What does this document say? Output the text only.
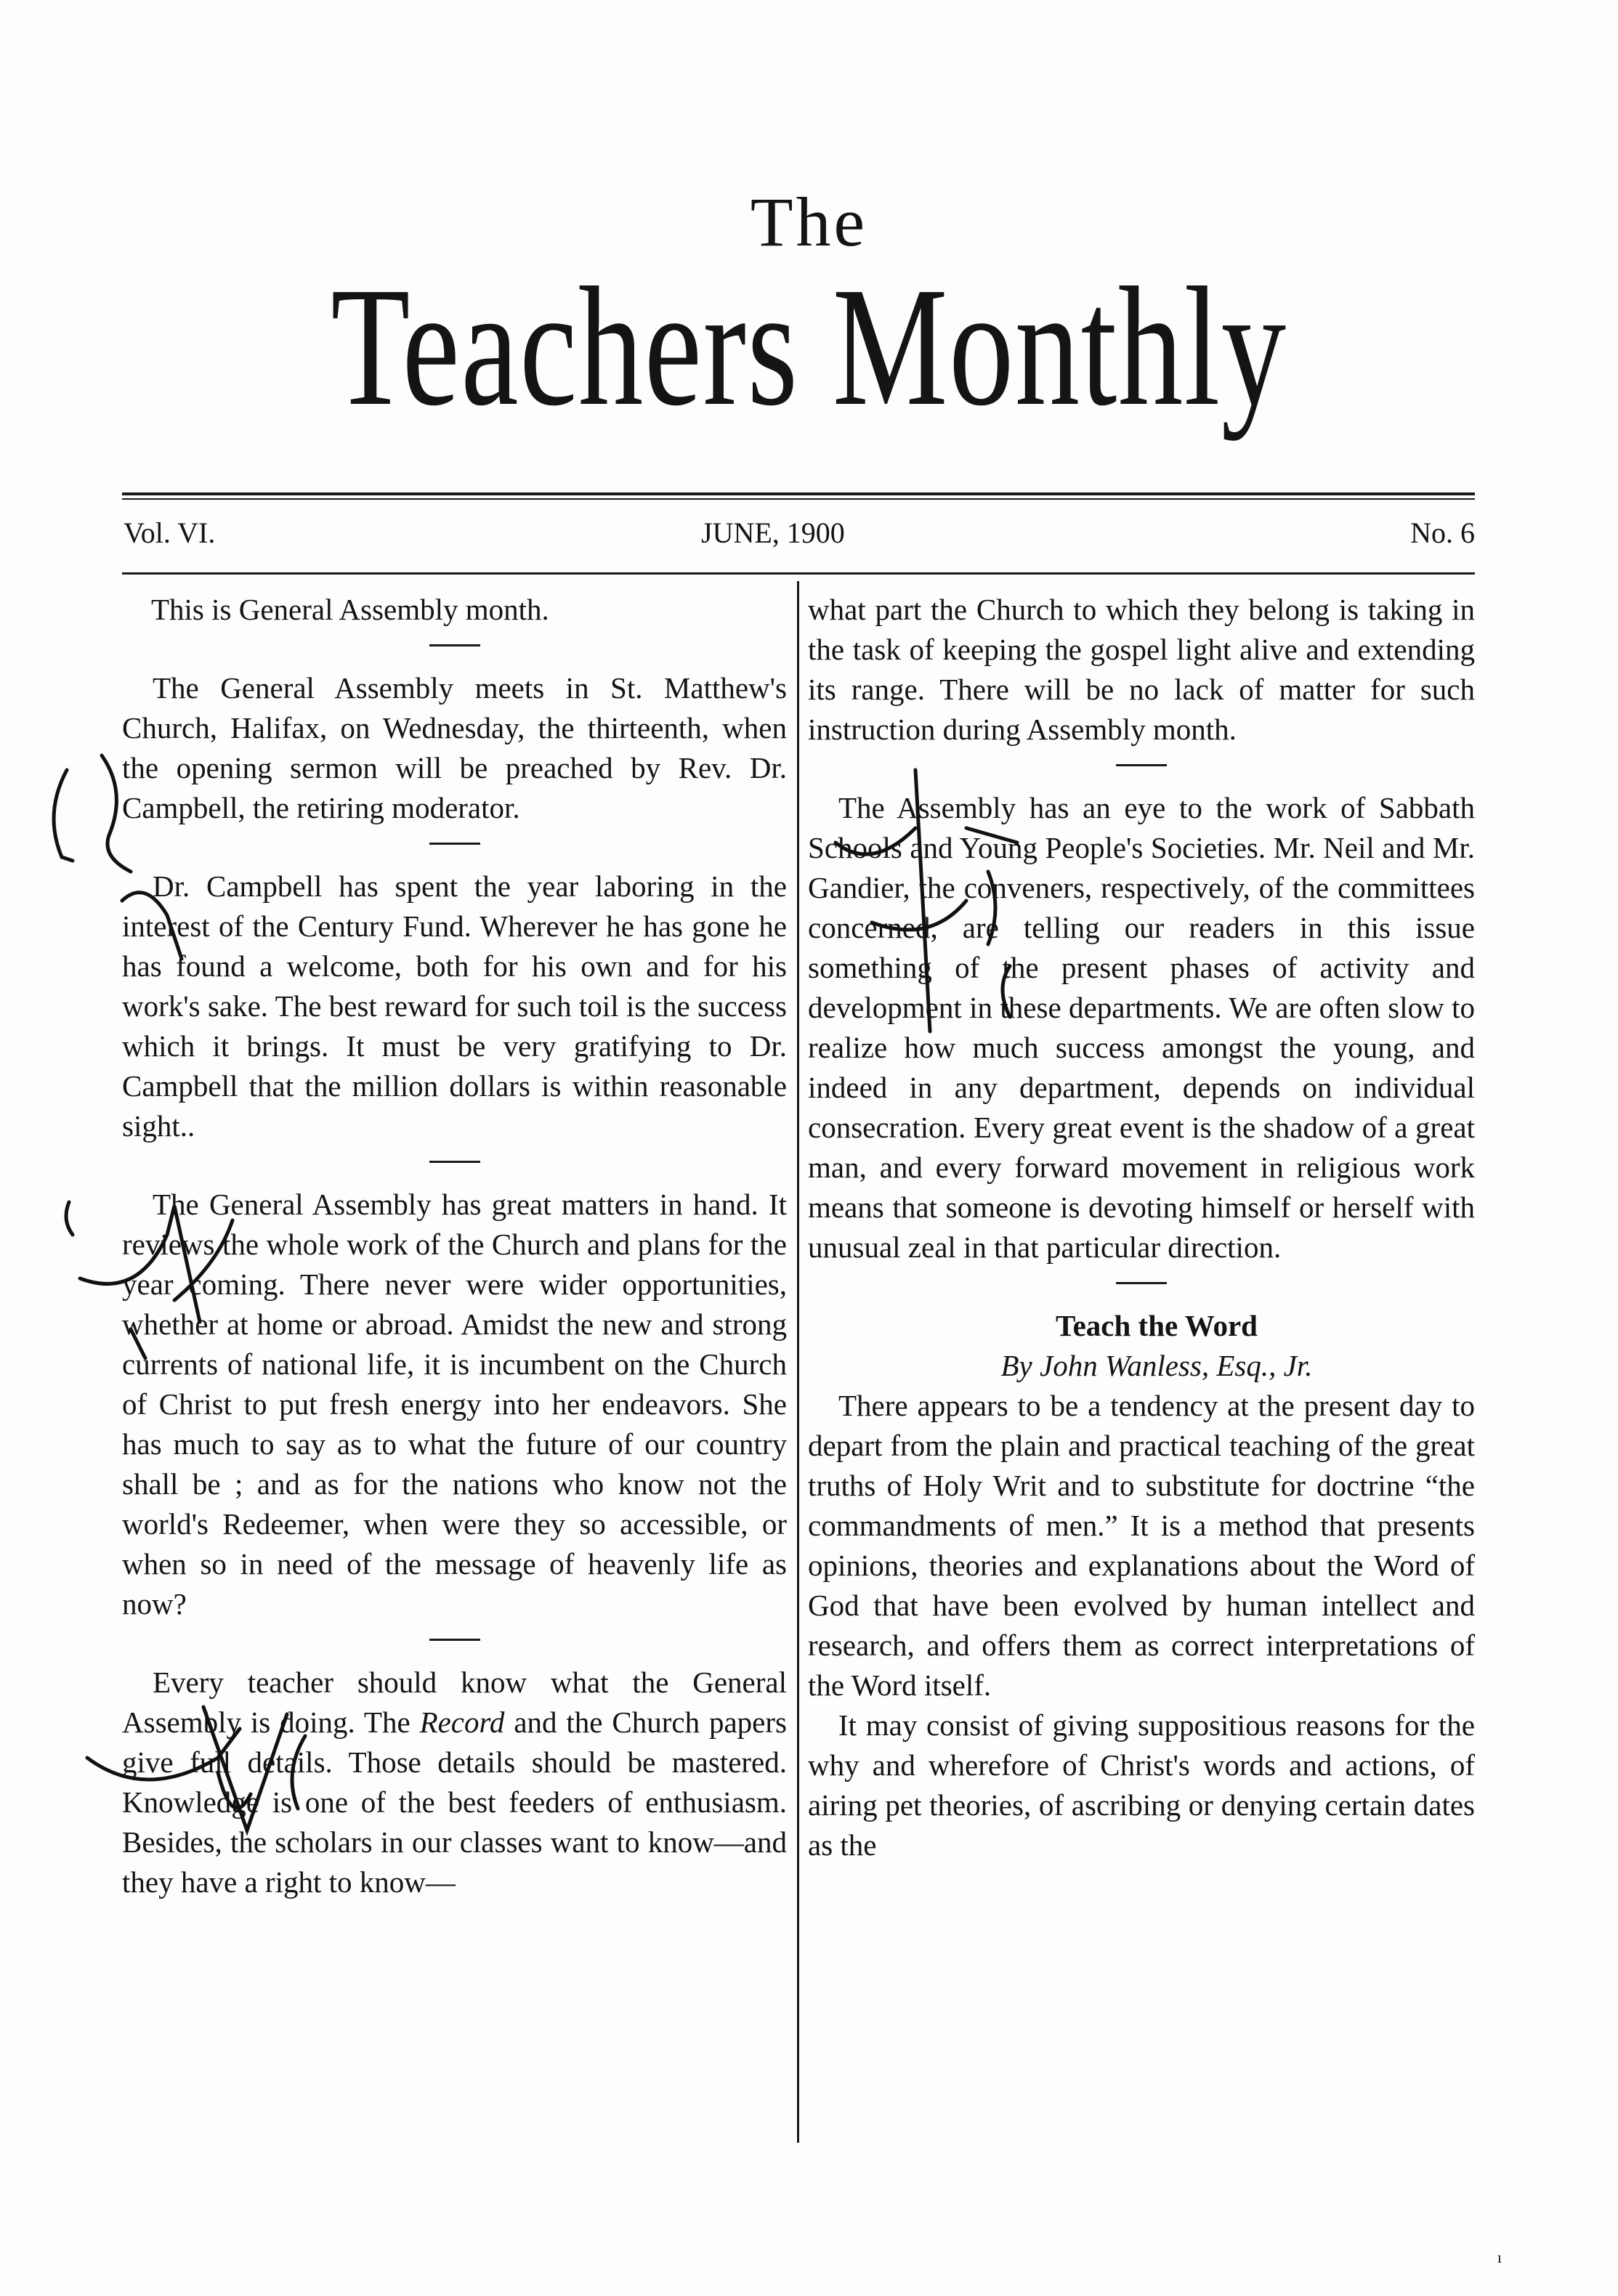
The
Teachers Monthly
Vol. VI.	JUNE, 1900	No. 6

This is General Assembly month.

The General Assembly meets in St. Matthew's Church, Halifax, on Wednesday, the thirteenth, when the opening sermon will be preached by Rev. Dr. Campbell, the retiring moderator.

Dr. Campbell has spent the year laboring in the interest of the Century Fund. Wherever he has gone he has found a welcome, both for his own and for his work's sake. The best reward for such toil is the success which it brings. It must be very gratifying to Dr. Campbell that the million dollars is within reasonable sight..

The General Assembly has great matters in hand. It reviews the whole work of the Church and plans for the year coming. There never were wider opportunities, whether at home or abroad. Amidst the new and strong currents of national life, it is incumbent on the Church of Christ to put fresh energy into her endeavors. She has much to say as to what the future of our country shall be ; and as for the nations who know not the world's Redeemer, when were they so accessible, or when so in need of the message of heavenly life as now?

Every teacher should know what the General Assembly is doing. The Record and the Church papers give full details. Those details should be mastered. Knowledge is one of the best feeders of enthusiasm. Besides, the scholars in our classes want to know—and they have a right to know—

what part the Church to which they belong is taking in the task of keeping the gospel light alive and extending its range. There will be no lack of matter for such instruction during Assembly month.

The Assembly has an eye to the work of Sabbath Schools and Young People's Societies. Mr. Neil and Mr. Gandier, the conveners, respectively, of the committees concerned, are telling our readers in this issue something of the present phases of activity and development in these departments. We are often slow to realize how much success amongst the young, and indeed in any department, depends on individual consecration. Every great event is the shadow of a great man, and every forward movement in religious work means that someone is devoting himself or herself with unusual zeal in that particular direction.

Teach the Word

By John Wanless, Esq., Jr.

There appears to be a tendency at the present day to depart from the plain and practical teaching of the great truths of Holy Writ and to substitute for doctrine “the commandments of men.” It is a method that presents opinions, theories and explanations about the Word of God that have been evolved by human intellect and research, and offers them as correct interpretations of the Word itself.

It may consist of giving suppositious reasons for the why and wherefore of Christ's words and actions, of airing pet theories, of ascribing or denying certain dates as the

ı
